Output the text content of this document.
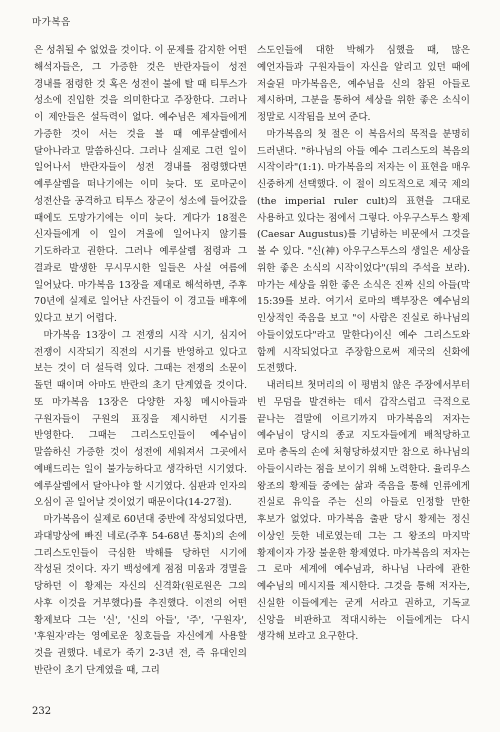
마가복음

은 성취될 수 없었을 것이다. 이 문제를 감지한 어떤 해석자들은, 그 가증한 것은 반란자들이 성전 경내를 점령한 것 혹은 성전이 불에 탈 때 티투스가 성소에 진입한 것을 의미한다고 주장한다. 그러나 이 제안들은 설득력이 없다. 예수님은 제자들에게 가증한 것이 서는 것을 볼 때 예루살렘에서 달아나라고 말씀하신다. 그러나 실제로 그런 일이 일어나서 반란자들이 성전 경내를 점령했다면 예루살렘을 떠나기에는 이미 늦다. 또 로마군이 성전산을 공격하고 티투스 장군이 성소에 들어갔을 때에도 도망가기에는 이미 늦다. 게다가 18절은 신자들에게 이 일이 겨울에 일어나지 않기를 기도하라고 권한다. 그러나 예루살렘 점령과 그 결과로 발생한 무시무시한 일들은 사실 여름에 일어났다. 마가복음 13장을 제대로 해석하면, 주후 70년에 실제로 일어난 사건들이 이 경고들 배후에 있다고 보기 어렵다.

마가복음 13장이 그 전쟁의 시작 시기, 심지어 전쟁이 시작되기 직전의 시기를 반영하고 있다고 보는 것이 더 설득력 있다. 그때는 전쟁의 소문이 돌던 때이며 아마도 반란의 초기 단계였을 것이다. 또 마가복음 13장은 다양한 자칭 메시아들과 구원자들이 구원의 표징을 제시하던 시기를 반영한다. 그때는 그리스도인들이 예수님이 말씀하신 가증한 것이 성전에 세워져서 그곳에서 예배드리는 일이 불가능하다고 생각하던 시기였다. 예루살렘에서 달아나야 할 시기였다. 심판과 인자의 오심이 곧 일어날 것이었기 때문이다(14-27절).

마가복음이 실제로 60년대 중반에 작성되었다면, 과대망상에 빠진 네로(주후 54-68년 통치)의 손에 그리스도인들이 극심한 박해를 당하던 시기에 작성된 것이다. 자기 백성에게 점점 미움과 경멸을 당하던 이 황제는 자신의 신격화(원로원은 그의 사후 이것을 거부했다)를 추진했다. 이전의 어떤 황제보다 그는 '신', '신의 아들', '주', '구원자', '후원자'라는 영예로운 칭호들을 자신에게 사용할 것을 권했다. 네로가 죽기 2-3년 전, 즉 유대인의 반란이 초기 단계였을 때, 그리

스도인들에 대한 박해가 심했을 때, 많은 예언자들과 구원자들이 자신을 알리고 있던 때에 저술된 마가복음은, 예수님을 신의 참된 아들로 제시하며, 그분을 통하여 세상을 위한 좋은 소식이 정말로 시작됨을 보여 준다.

마가복음의 첫 절은 이 복음서의 목적을 분명히 드러낸다. "하나님의 아들 예수 그리스도의 복음의 시작이라"(1:1). 마가복음의 저자는 이 표현을 매우 신중하게 선택했다. 이 절이 의도적으로 제국 제의(the imperial ruler cult)의 표현을 그대로 사용하고 있다는 점에서 그렇다. 아우구스투스 황제(Caesar Augustus)를 기념하는 비문에서 그것을 볼 수 있다. "신(神) 아우구스투스의 생일은 세상을 위한 좋은 소식의 시작이었다"(뒤의 주석을 보라). 마가는 세상을 위한 좋은 소식은 진짜 신의 아들(막 15:39를 보라. 여기서 로마의 백부장은 예수님의 인상적인 죽음을 보고 "이 사람은 진실로 하나님의 아들이었도다"라고 말한다)이신 예수 그리스도와 함께 시작되었다고 주장함으로써 제국의 신화에 도전했다.

내러티브 첫머리의 이 평범치 않은 주장에서부터 빈 무덤을 발견하는 데서 갑작스럽고 극적으로 끝나는 결말에 이르기까지 마가복음의 저자는 예수님이 당시의 종교 지도자들에게 배척당하고 로마 총독의 손에 처형당하셨지만 참으로 하나님의 아들이시라는 점을 보이기 위해 노력한다. 율리우스 왕조의 황제들 중에는 삶과 죽음을 통해 인류에게 진실로 유익을 주는 신의 아들로 인정할 만한 후보가 없었다. 마가복음 출판 당시 황제는 정신 이상인 듯한 네로였는데 그는 그 왕조의 마지막 황제이자 가장 불운한 황제였다. 마가복음의 저자는 그 로마 세계에 예수님과, 하나님 나라에 관한 예수님의 메시지를 제시한다. 그것을 통해 저자는, 신실한 이들에게는 굳게 서라고 권하고, 기독교 신앙을 비판하고 적대시하는 이들에게는 다시 생각해 보라고 요구한다.

232
